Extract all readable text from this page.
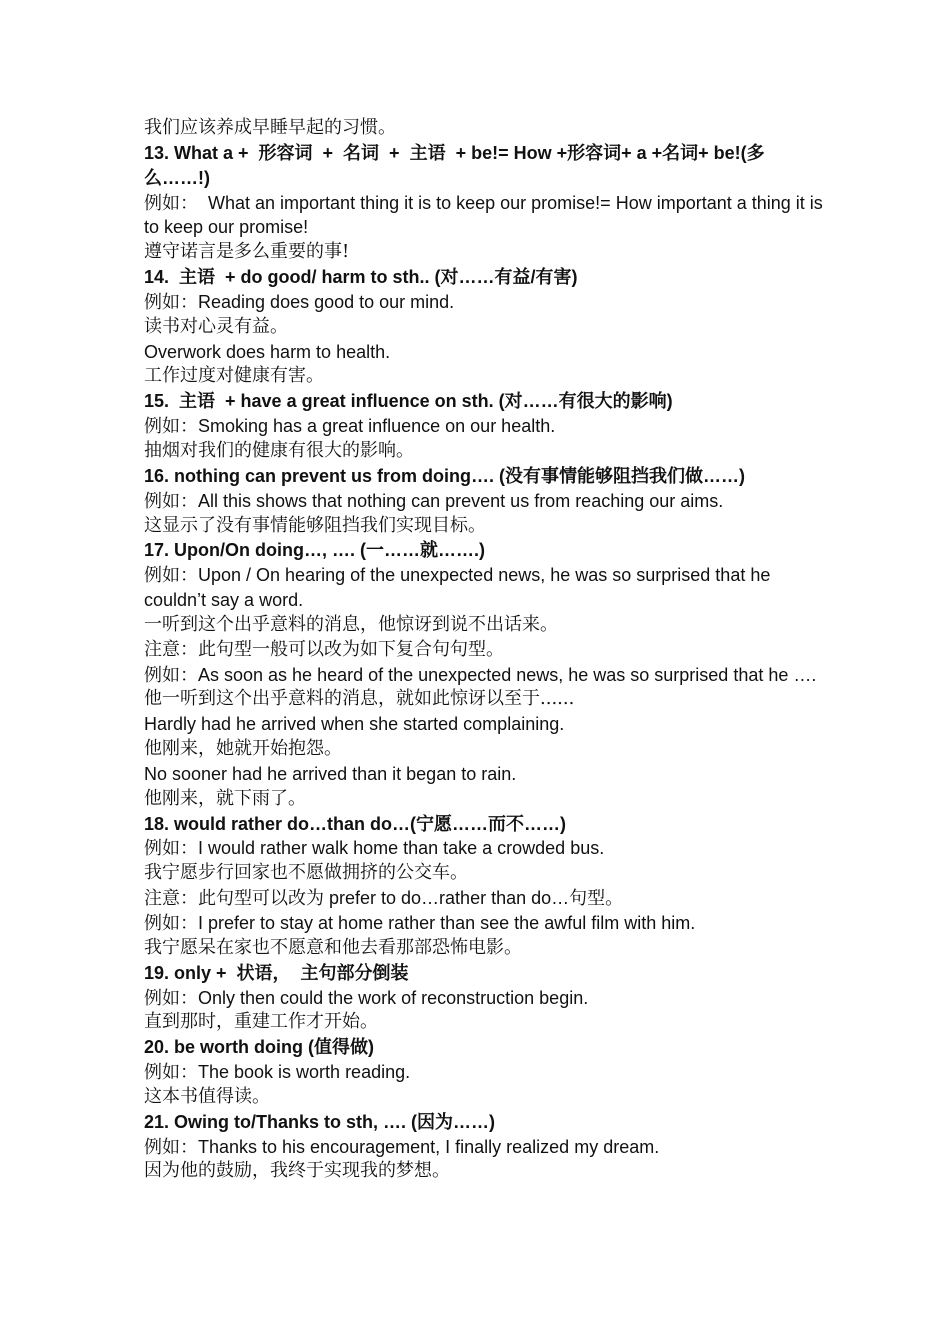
我们应该养成早睡早起的习惯。

13. What a +  形容词  +  名词  +  主语  + be!= How +形容词+ a +名词+ be!(多么……!)

例如：  What an important thing it is to keep our promise!= How important a thing it is to keep our promise!

遵守诺言是多么重要的事!

14.  主语  + do good/ harm to sth.. (对……有益/有害)

例如：Reading does good to our mind.

读书对心灵有益。

Overwork does harm to health.

工作过度对健康有害。

15.  主语  + have a great influence on sth. (对……有很大的影响)

例如：Smoking has a great influence on our health.

抽烟对我们的健康有很大的影响。

16. nothing can prevent us from doing…. (没有事情能够阻挡我们做……)

例如：All this shows that nothing can prevent us from reaching our aims.

这显示了没有事情能够阻挡我们实现目标。

17. Upon/On doing…, …. (一……就…….)

例如：Upon / On hearing of the unexpected news, he was so surprised that he couldn’t say a word.

一听到这个出乎意料的消息，他惊讶到说不出话来。

注意：此句型一般可以改为如下复合句句型。

例如：As soon as he heard of the unexpected news, he was so surprised that he ….

他一听到这个出乎意料的消息，就如此惊讶以至于......

Hardly had he arrived when she started complaining.

他刚来，她就开始抱怨。

No sooner had he arrived than it began to rain.

他刚来，就下雨了。

18. would rather do…than do…(宁愿……而不……)

例如：I would rather walk home than take a crowded bus.

我宁愿步行回家也不愿做拥挤的公交车。

注意：此句型可以改为 prefer to do…rather than do…句型。

例如：I prefer to stay at home rather than see the awful film with him.

我宁愿呆在家也不愿意和他去看那部恐怖电影。

19. only +  状语，  主句部分倒装

例如：Only then could the work of reconstruction begin.

直到那时，重建工作才开始。

20. be worth doing (值得做)

例如：The book is worth reading.

这本书值得读。

21. Owing to/Thanks to sth, …. (因为……)

例如：Thanks to his encouragement, I finally realized my dream.

因为他的鼓励，我终于实现我的梦想。
